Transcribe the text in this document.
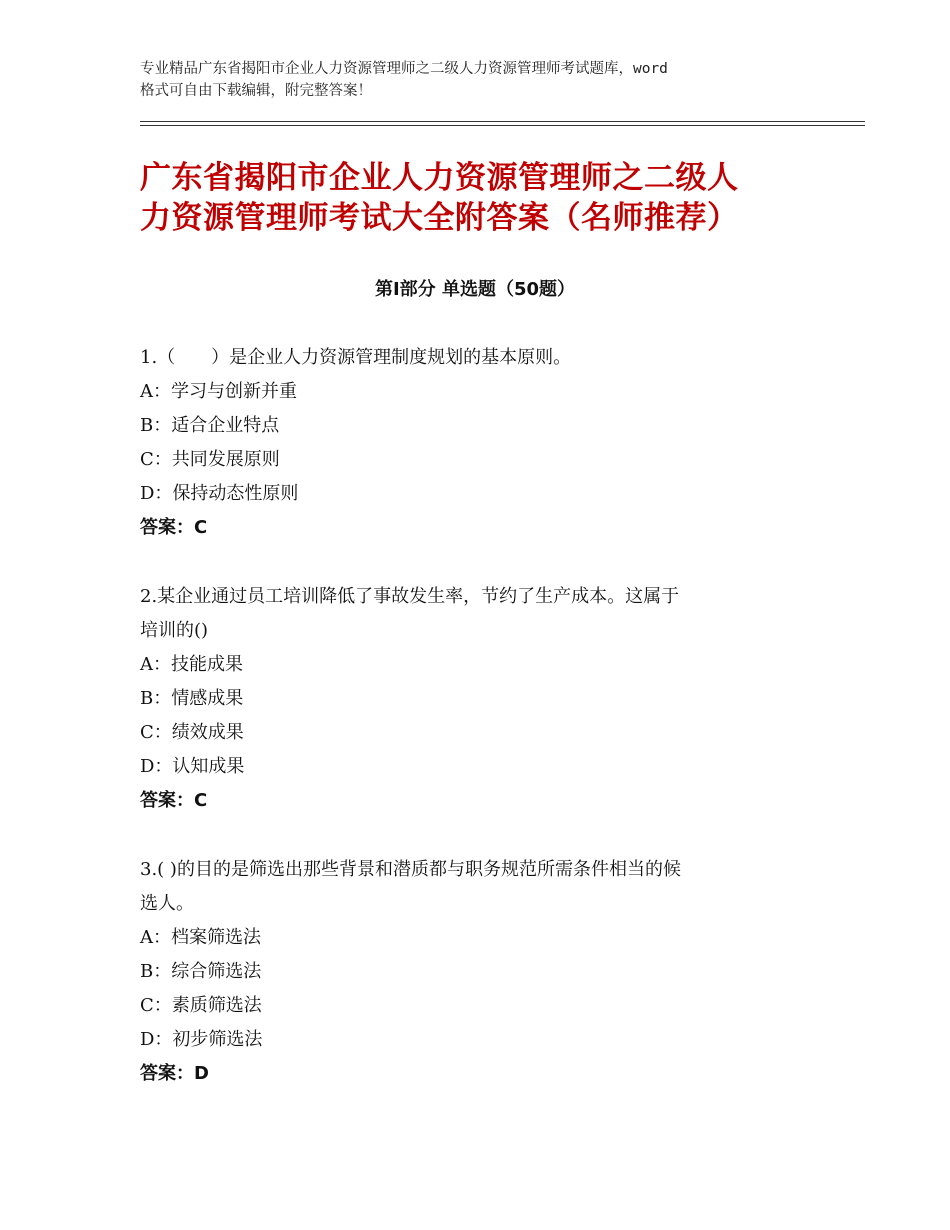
专业精品广东省揭阳市企业人力资源管理师之二级人力资源管理师考试题库，word
格式可自由下载编辑，附完整答案！
广东省揭阳市企业人力资源管理师之二级人
力资源管理师考试大全附答案（名师推荐）
第Ⅰ部分 单选题（50题）

1.（　　）是企业人力资源管理制度规划的基本原则。

A：学习与创新并重

B：适合企业特点

C：共同发展原则

D：保持动态性原则

答案：C

2.某企业通过员工培训降低了事故发生率，节约了生产成本。这属于

培训的()

A：技能成果

B：情感成果

C：绩效成果

D：认知成果

答案：C

3.( )的目的是筛选出那些背景和潜质都与职务规范所需条件相当的候

选人。

A：档案筛选法

B：综合筛选法

C：素质筛选法

D：初步筛选法

答案：D
